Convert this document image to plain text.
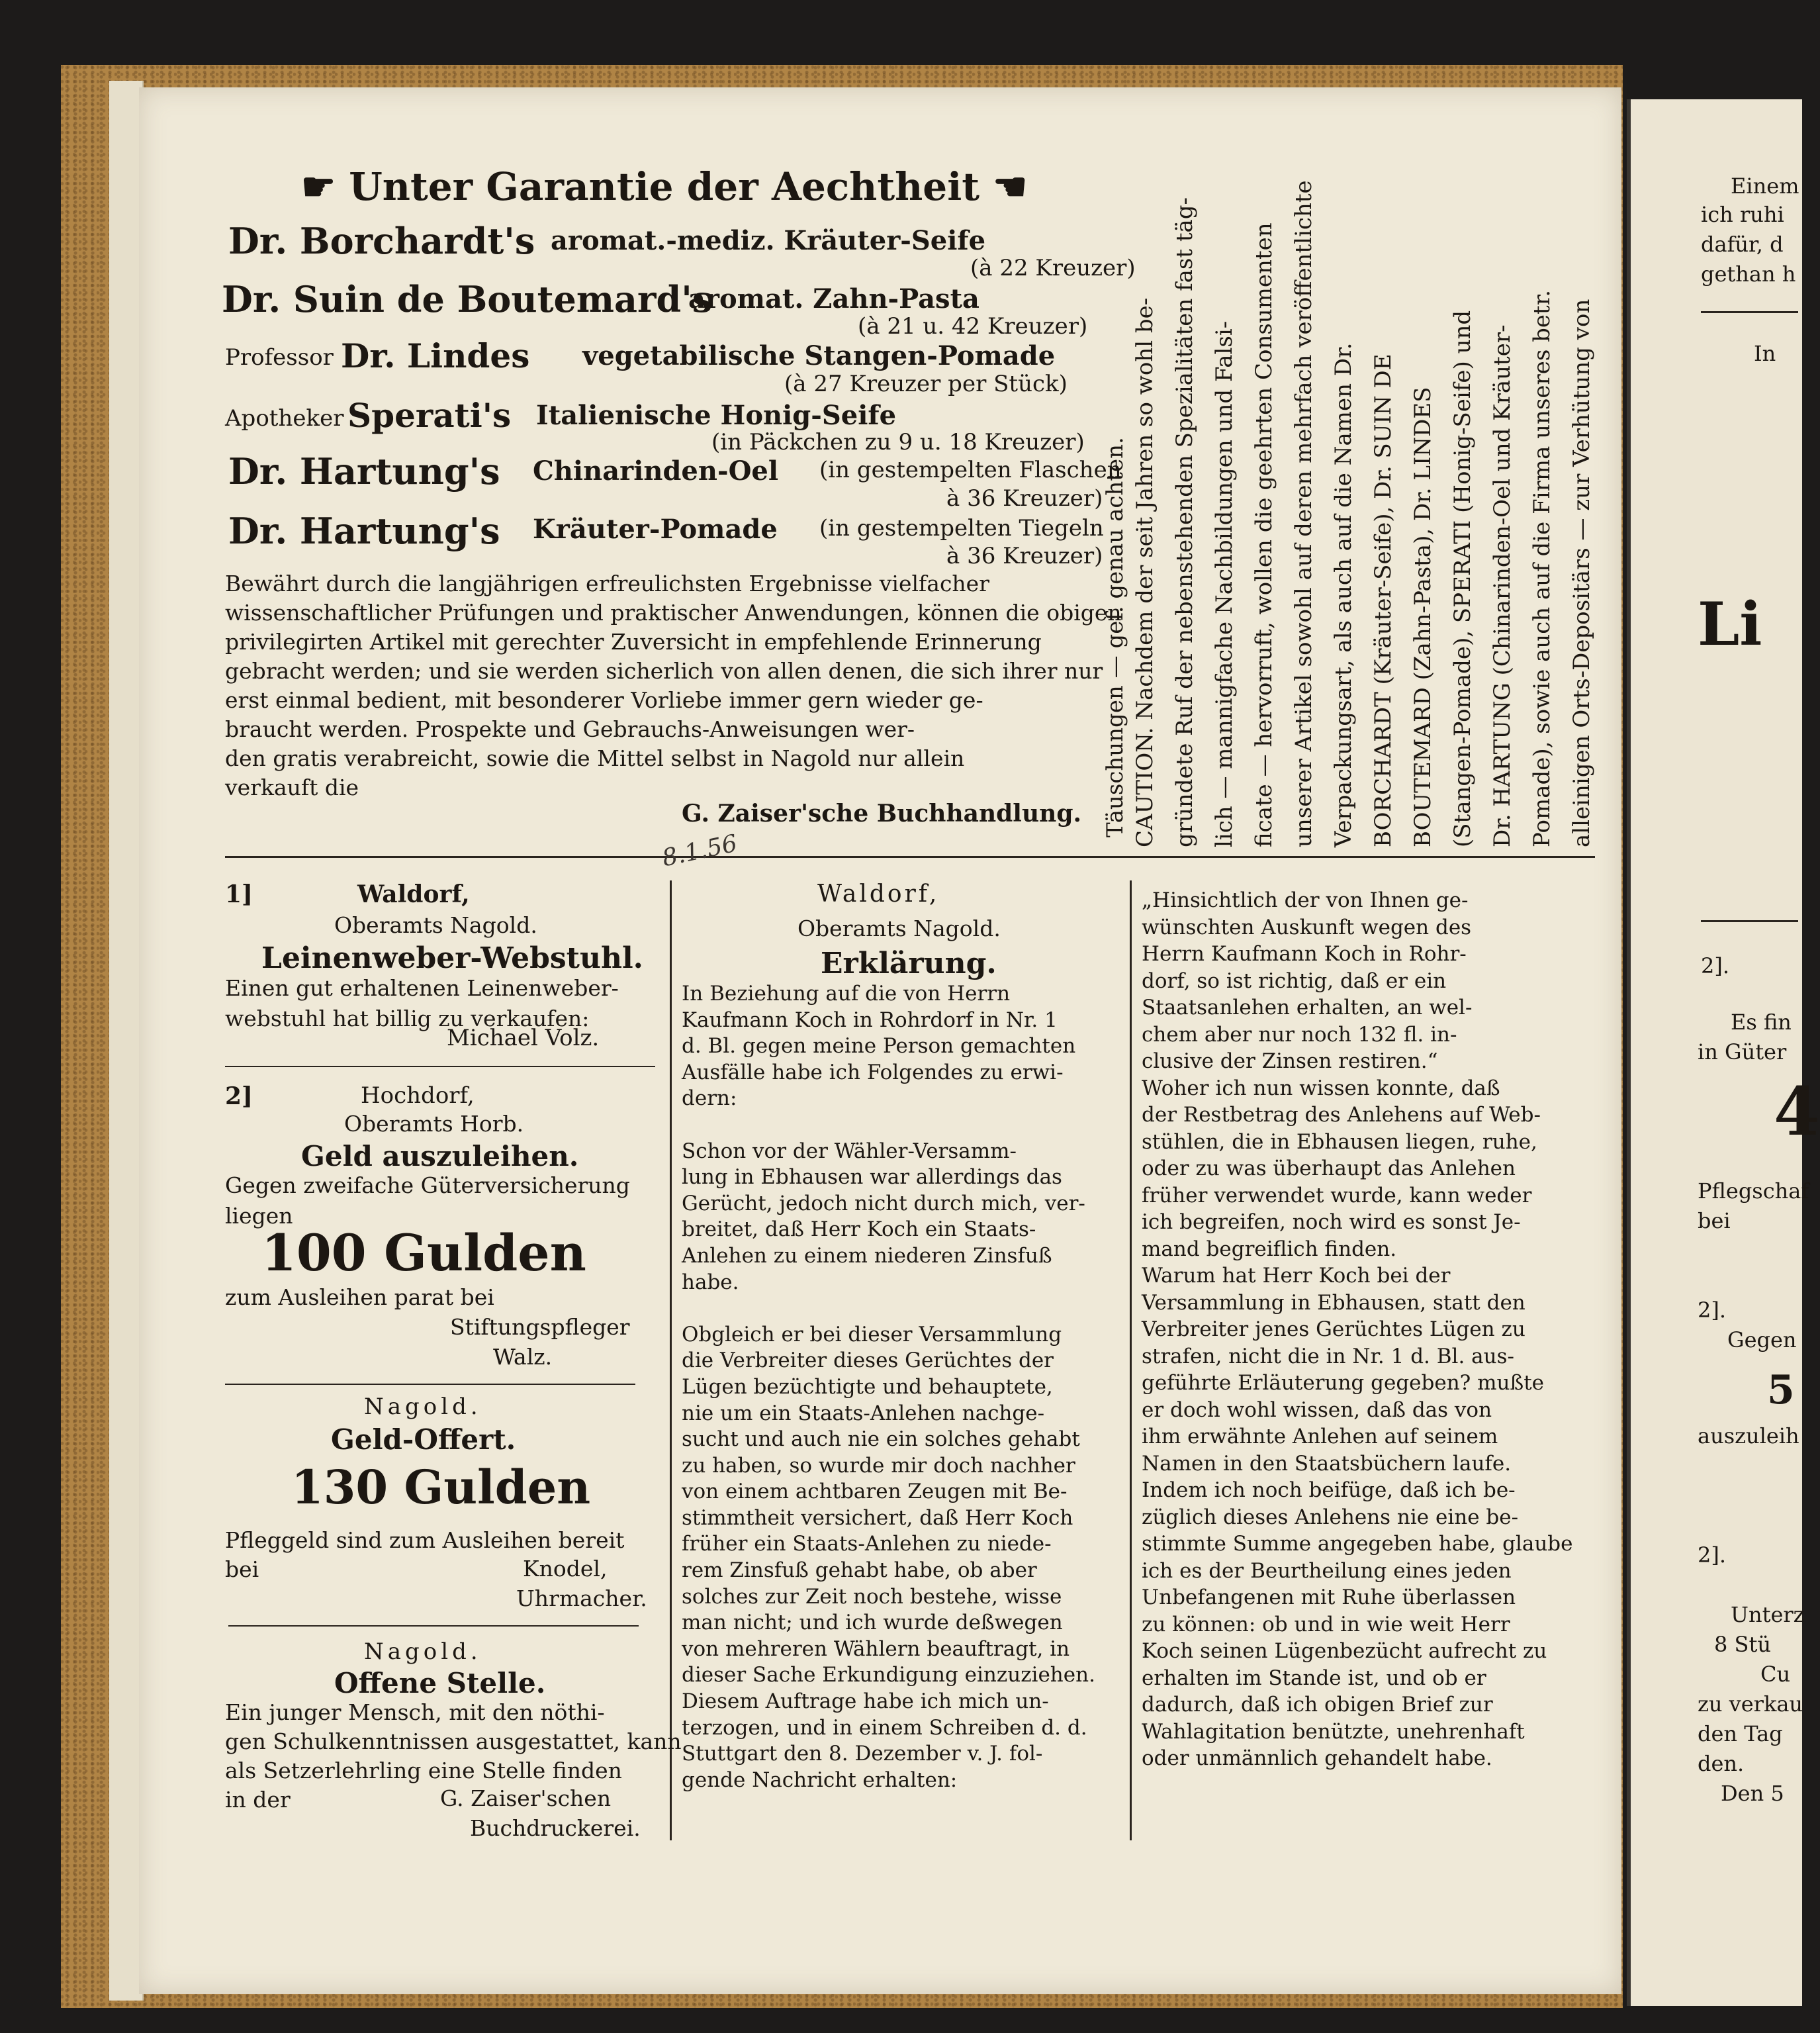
☛ Unter Garantie der Aechtheit ☚
Dr. Borchardt's aromat.-mediz. Kräuter-Seife
(à 22 Kreuzer)
Dr. Suin de Boutemard's
aromat. Zahn-Pasta
(à 21 u. 42 Kreuzer)
Professor Dr. Lindes vegetabilische Stangen-Pomade
(à 27 Kreuzer per Stück)
Apotheker Sperati's Italienische Honig-Seife
(in Päckchen zu 9 u. 18 Kreuzer)
Dr. Hartung's Chinarinden-Oel (in gestempelten Flaschen
à 36 Kreuzer)
Dr. Hartung's Kräuter-Pomade (in gestempelten Tiegeln
à 36 Kreuzer)
Bewährt durch die langjährigen erfreulichsten Ergebnisse vielfacher
wissenschaftlicher Prüfungen und praktischer Anwendungen, können die obigen
privilegirten Artikel mit gerechter Zuversicht in empfehlende Erinnerung
gebracht werden; und sie werden sicherlich von allen denen, die sich ihrer nur
erst einmal bedient, mit besonderer Vorliebe immer gern wieder ge-
braucht werden. Prospekte und Gebrauchs-Anweisungen wer-
den gratis verabreicht, sowie die Mittel selbst in Nagold nur allein
verkauft die
G. Zaiser'sche Buchhandlung. CAUTION. Nachdem der seit Jahren so wohl be- gründete Ruf der nebenstehenden Spezialitäten fast täg- lich — mannigfache Nachbildungen und Falsi- ficate — hervorruft, wollen die geehrten Consumenten unserer Artikel sowohl auf deren mehrfach veröffentlichte Verpackungsart, als auch auf die Namen Dr. BORCHARDT (Kräuter-Seife), Dr. SUIN DE BOUTEMARD (Zahn-Pasta), Dr. LINDES (Stangen-Pomade), SPERATI (Honig-Seife) und Dr. HARTUNG (Chinarinden-Oel und Kräuter- Pomade), sowie auch auf die Firma unseres betr. alleinigen Orts-Depositärs — zur Verhütung von
Täuschungen — gef. genau achten.
8.1.56
1]	Waldorf,
Oberamts Nagold.
Leinenweber-Webstuhl.
Einen gut erhaltenen Leinenweber-
webstuhl hat billig zu verkaufen:
Michael Volz.
2]	Hochdorf,
Oberamts Horb.
Geld auszuleihen.
Gegen zweifache Güterversicherung
liegen
100 Gulden
zum Ausleihen parat bei
Stiftungspfleger
Walz.
Nagold.
Geld-Offert.
130 Gulden
Pfleggeld sind zum Ausleihen bereit
bei	Knodel,
Uhrmacher.
Nagold.
Offene Stelle.
Ein junger Mensch, mit den nöthi-
gen Schulkenntnissen ausgestattet, kann
als Setzerlehrling eine Stelle finden
in der	G. Zaiser'schen
Buchdruckerei.
Waldorf,
Oberamts Nagold.
Erklärung.

In Beziehung auf die von Herrn

Kaufmann Koch in Rohrdorf in Nr. 1

d. Bl. gegen meine Person gemachten

Ausfälle habe ich Folgendes zu erwi-

dern:

Schon vor der Wähler-Versamm-

lung in Ebhausen war allerdings das

Gerücht, jedoch nicht durch mich, ver-

breitet, daß Herr Koch ein Staats-

Anlehen zu einem niederen Zinsfuß

habe.

Obgleich er bei dieser Versammlung

die Verbreiter dieses Gerüchtes der

Lügen bezüchtigte und behauptete,

nie um ein Staats-Anlehen nachge-

sucht und auch nie ein solches gehabt

zu haben, so wurde mir doch nachher

von einem achtbaren Zeugen mit Be-

stimmtheit versichert, daß Herr Koch

früher ein Staats-Anlehen zu niede-

rem Zinsfuß gehabt habe, ob aber

solches zur Zeit noch bestehe, wisse

man nicht; und ich wurde deßwegen

von mehreren Wählern beauftragt, in

dieser Sache Erkundigung einzuziehen.

Diesem Auftrage habe ich mich un-

terzogen, und in einem Schreiben d. d.

Stuttgart den 8. Dezember v. J. fol-

gende Nachricht erhalten:

„Hinsichtlich der von Ihnen ge-

wünschten Auskunft wegen des

Herrn Kaufmann Koch in Rohr-

dorf, so ist richtig, daß er ein

Staatsanlehen erhalten, an wel-

chem aber nur noch 132 fl. in-

clusive der Zinsen restiren.“

Woher ich nun wissen konnte, daß

der Restbetrag des Anlehens auf Web-

stühlen, die in Ebhausen liegen, ruhe,

oder zu was überhaupt das Anlehen

früher verwendet wurde, kann weder

ich begreifen, noch wird es sonst Je-

mand begreiflich finden.

Warum hat Herr Koch bei der

Versammlung in Ebhausen, statt den

Verbreiter jenes Gerüchtes Lügen zu

strafen, nicht die in Nr. 1 d. Bl. aus-

geführte Erläuterung gegeben? mußte

er doch wohl wissen, daß das von

ihm erwähnte Anlehen auf seinem

Namen in den Staatsbüchern laufe.

Indem ich noch beifüge, daß ich be-

züglich dieses Anlehens nie eine be-

stimmte Summe angegeben habe, glaube

ich es der Beurtheilung eines jeden

Unbefangenen mit Ruhe überlassen

zu können: ob und in wie weit Herr

Koch seinen Lügenbezücht aufrecht zu

erhalten im Stande ist, und ob er

dadurch, daß ich obigen Brief zur

Wahlagitation benützte, unehrenhaft

oder unmännlich gehandelt habe.

Einem
ich ruhi
dafür, d
gethan h
In
Li
2].
Es fin
in Güter
4
Pflegschaf
bei
2].
Gegen
5
auszuleih
2].
Unterz
8 Stü
Cu
zu verkau
den Tag
den.
Den 5
